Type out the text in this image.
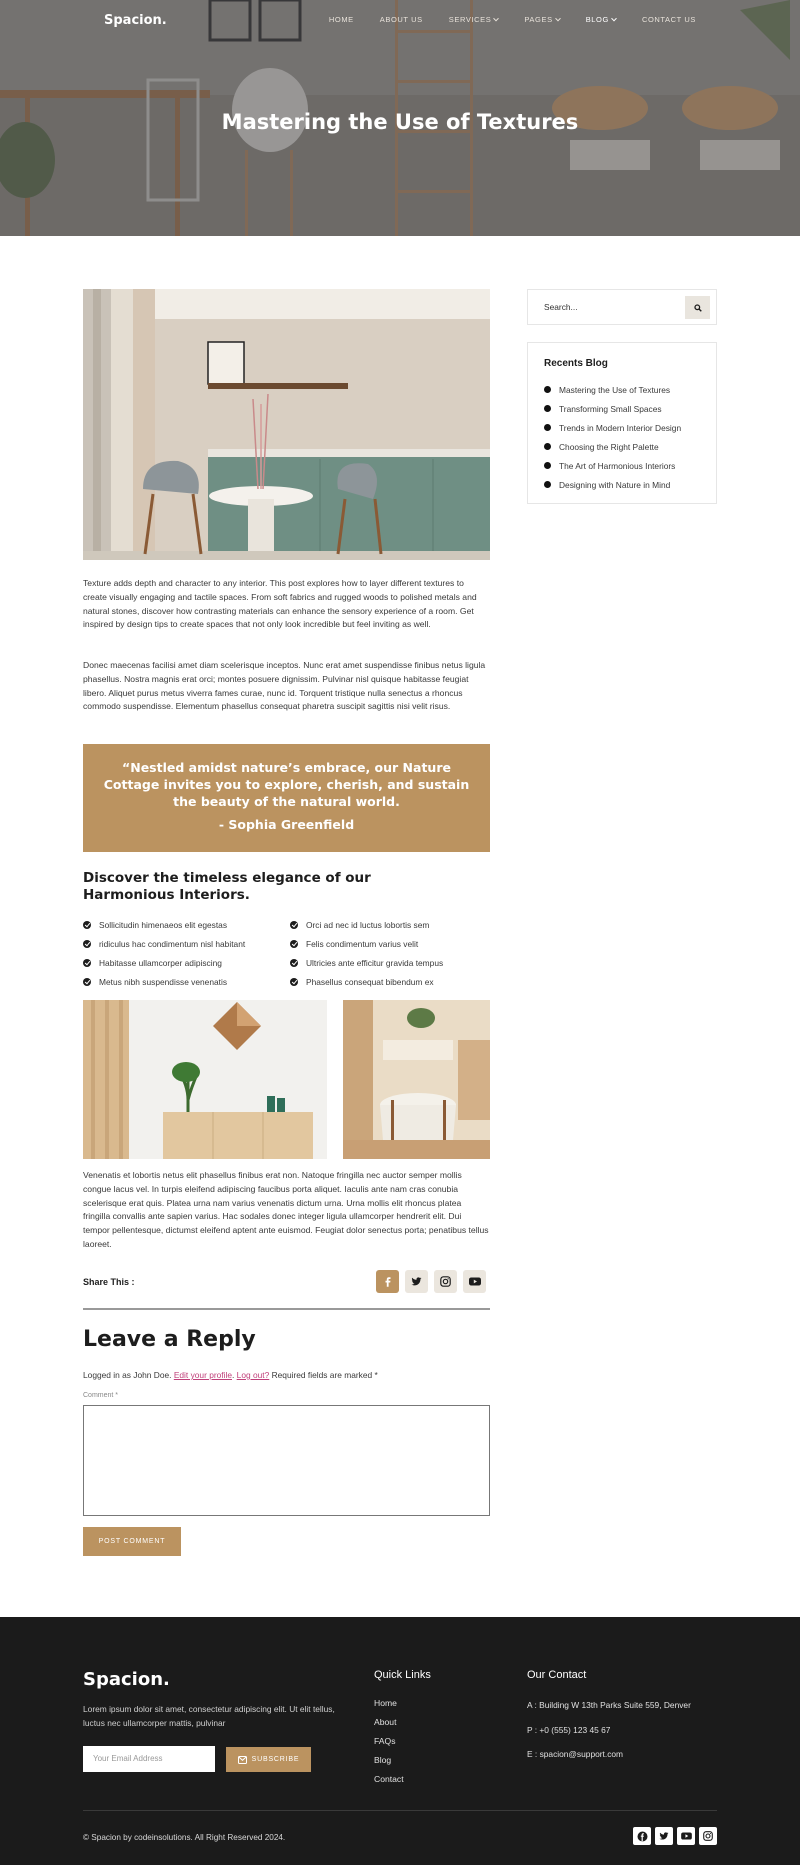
Spacion.	HOME	ABOUT US	SERVICES	PAGES	BLOG	CONTACT US
Mastering the Use of Textures

Texture adds depth and character to any interior. This post explores how to layer different textures to create visually engaging and tactile spaces. From soft fabrics and rugged woods to polished metals and natural stones, discover how contrasting materials can enhance the sensory experience of a room. Get inspired by design tips to create spaces that not only look incredible but feel inviting as well.

Donec maecenas facilisi amet diam scelerisque inceptos. Nunc erat amet suspendisse finibus netus ligula phasellus. Nostra magnis erat orci; montes posuere dignissim. Pulvinar nisl quisque habitasse feugiat libero. Aliquet purus metus viverra fames curae, nunc id. Torquent tristique nulla senectus a rhoncus commodo suspendisse. Elementum phasellus consequat pharetra suscipit sagittis nisi velit risus.

“Nestled amidst nature’s embrace, our Nature Cottage invites you to explore, cherish, and sustain the beauty of the natural world.
- Sophia Greenfield
Discover the timeless elegance of our Harmonious Interiors.
Sollicitudin himenaeos elit egestas
ridiculus hac condimentum nisl habitant
Habitasse ullamcorper adipiscing
Metus nibh suspendisse venenatis
Orci ad nec id luctus lobortis sem
Felis condimentum varius velit
Ultricies ante efficitur gravida tempus
Phasellus consequat bibendum ex

Venenatis et lobortis netus elit phasellus finibus erat non. Natoque fringilla nec auctor semper mollis congue lacus vel. In turpis eleifend adipiscing faucibus porta aliquet. Iaculis ante nam cras conubia scelerisque erat quis. Platea urna nam varius venenatis dictum urna. Urna mollis elit rhoncus platea fringilla convallis ante sapien varius. Hac sodales donec integer ligula ullamcorper hendrerit elit. Dui tempor pellentesque, dictumst eleifend aptent ante euismod. Feugiat dolor senectus porta; penatibus tellus laoreet.

Share This :
Leave a Reply
Logged in as John Doe. Edit your profile. Log out? Required fields are marked *
Comment *
POST COMMENT
Search...
Recents Blog
Mastering the Use of Textures
Transforming Small Spaces
Trends in Modern Interior Design
Choosing the Right Palette
The Art of Harmonious Interiors
Designing with Nature in Mind
Spacion.

Lorem ipsum dolor sit amet, consectetur adipiscing elit. Ut elit tellus, luctus nec ullamcorper mattis, pulvinar

Your Email Address	SUBSCRIBE
Quick Links
Home
About
FAQs
Blog
Contact
Our Contact
A : Building W 13th Parks Suite 559, Denver
P : +0 (555) 123 45 67
E : spacion@support.com
© Spacion by codeinsolutions. All Right Reserved 2024.
